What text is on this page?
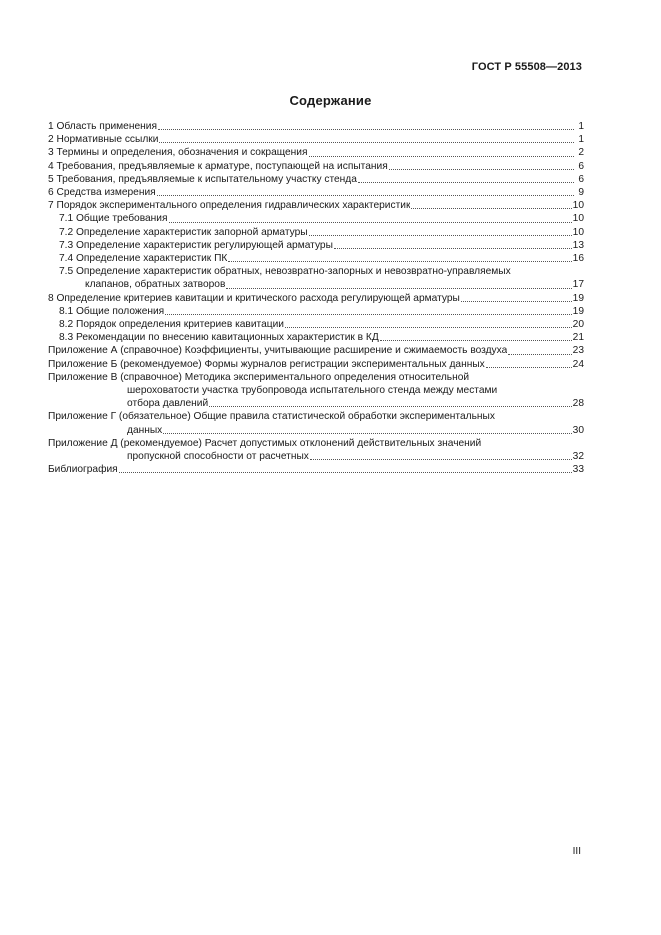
ГОСТ Р 55508—2013
Содержание
1 Область применения	1
2 Нормативные ссылки	1
3 Термины и определения, обозначения и сокращения	2
4 Требования, предъявляемые к арматуре, поступающей на испытания	6
5 Требования, предъявляемые к испытательному участку стенда	6
6 Средства измерения	9
7 Порядок экспериментального определения гидравлических характеристик	10
7.1 Общие требования	10
7.2 Определение характеристик запорной арматуры	10
7.3 Определение характеристик регулирующей арматуры	13
7.4 Определение характеристик ПК	16
7.5 Определение характеристик обратных, невозвратно-запорных и невозвратно-управляемых
клапанов, обратных затворов	17
8 Определение критериев кавитации и критического расхода регулирующей арматуры	19
8.1 Общие положения	19
8.2 Порядок определения критериев кавитации	20
8.3 Рекомендации по внесению кавитационных характеристик в КД	21
Приложение А (справочное) Коэффициенты, учитывающие расширение и сжимаемость воздуха	23
Приложение Б (рекомендуемое) Формы журналов регистрации экспериментальных данных	24
Приложение В (справочное) Методика экспериментального определения относительной
шероховатости участка трубопровода испытательного стенда между местами
отбора давлений	28
Приложение Г (обязательное) Общие правила статистической обработки экспериментальных
данных	30
Приложение Д (рекомендуемое) Расчет допустимых отклонений действительных значений
пропускной способности от расчетных	32
Библиография	33
III
